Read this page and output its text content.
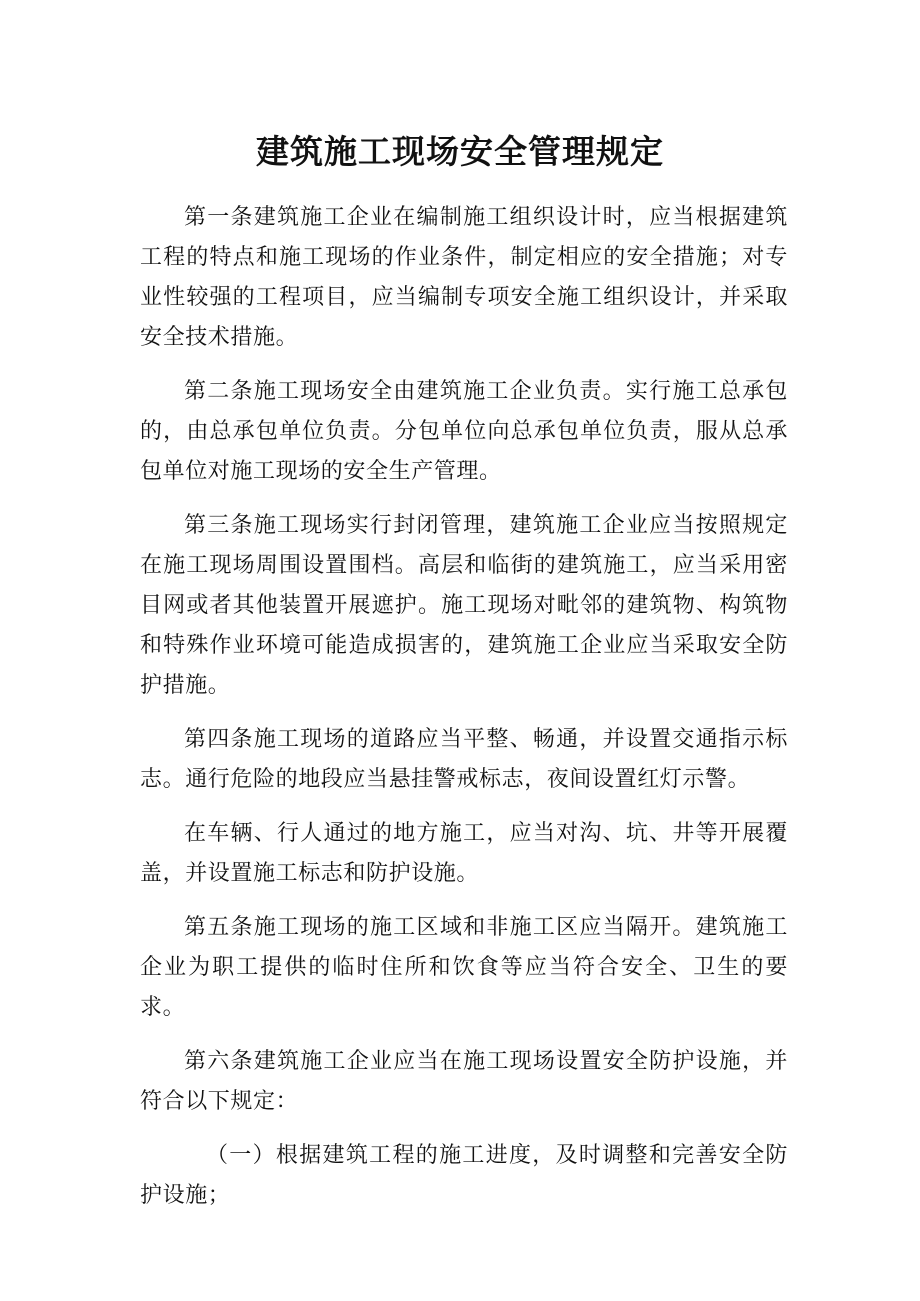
建筑施工现场安全管理规定

第一条建筑施工企业在编制施工组织设计时，应当根据建筑工程的特点和施工现场的作业条件，制定相应的安全措施；对专业性较强的工程项目，应当编制专项安全施工组织设计，并采取安全技术措施。

第二条施工现场安全由建筑施工企业负责。实行施工总承包的，由总承包单位负责。分包单位向总承包单位负责，服从总承包单位对施工现场的安全生产管理。

第三条施工现场实行封闭管理，建筑施工企业应当按照规定在施工现场周围设置围档。高层和临街的建筑施工，应当采用密目网或者其他装置开展遮护。施工现场对毗邻的建筑物、构筑物和特殊作业环境可能造成损害的，建筑施工企业应当采取安全防护措施。

第四条施工现场的道路应当平整、畅通，并设置交通指示标志。通行危险的地段应当悬挂警戒标志，夜间设置红灯示警。

在车辆、行人通过的地方施工，应当对沟、坑、井等开展覆盖，并设置施工标志和防护设施。

第五条施工现场的施工区域和非施工区应当隔开。建筑施工企业为职工提供的临时住所和饮食等应当符合安全、卫生的要求。

第六条建筑施工企业应当在施工现场设置安全防护设施，并符合以下规定：

（一）根据建筑工程的施工进度，及时调整和完善安全防护设施；
